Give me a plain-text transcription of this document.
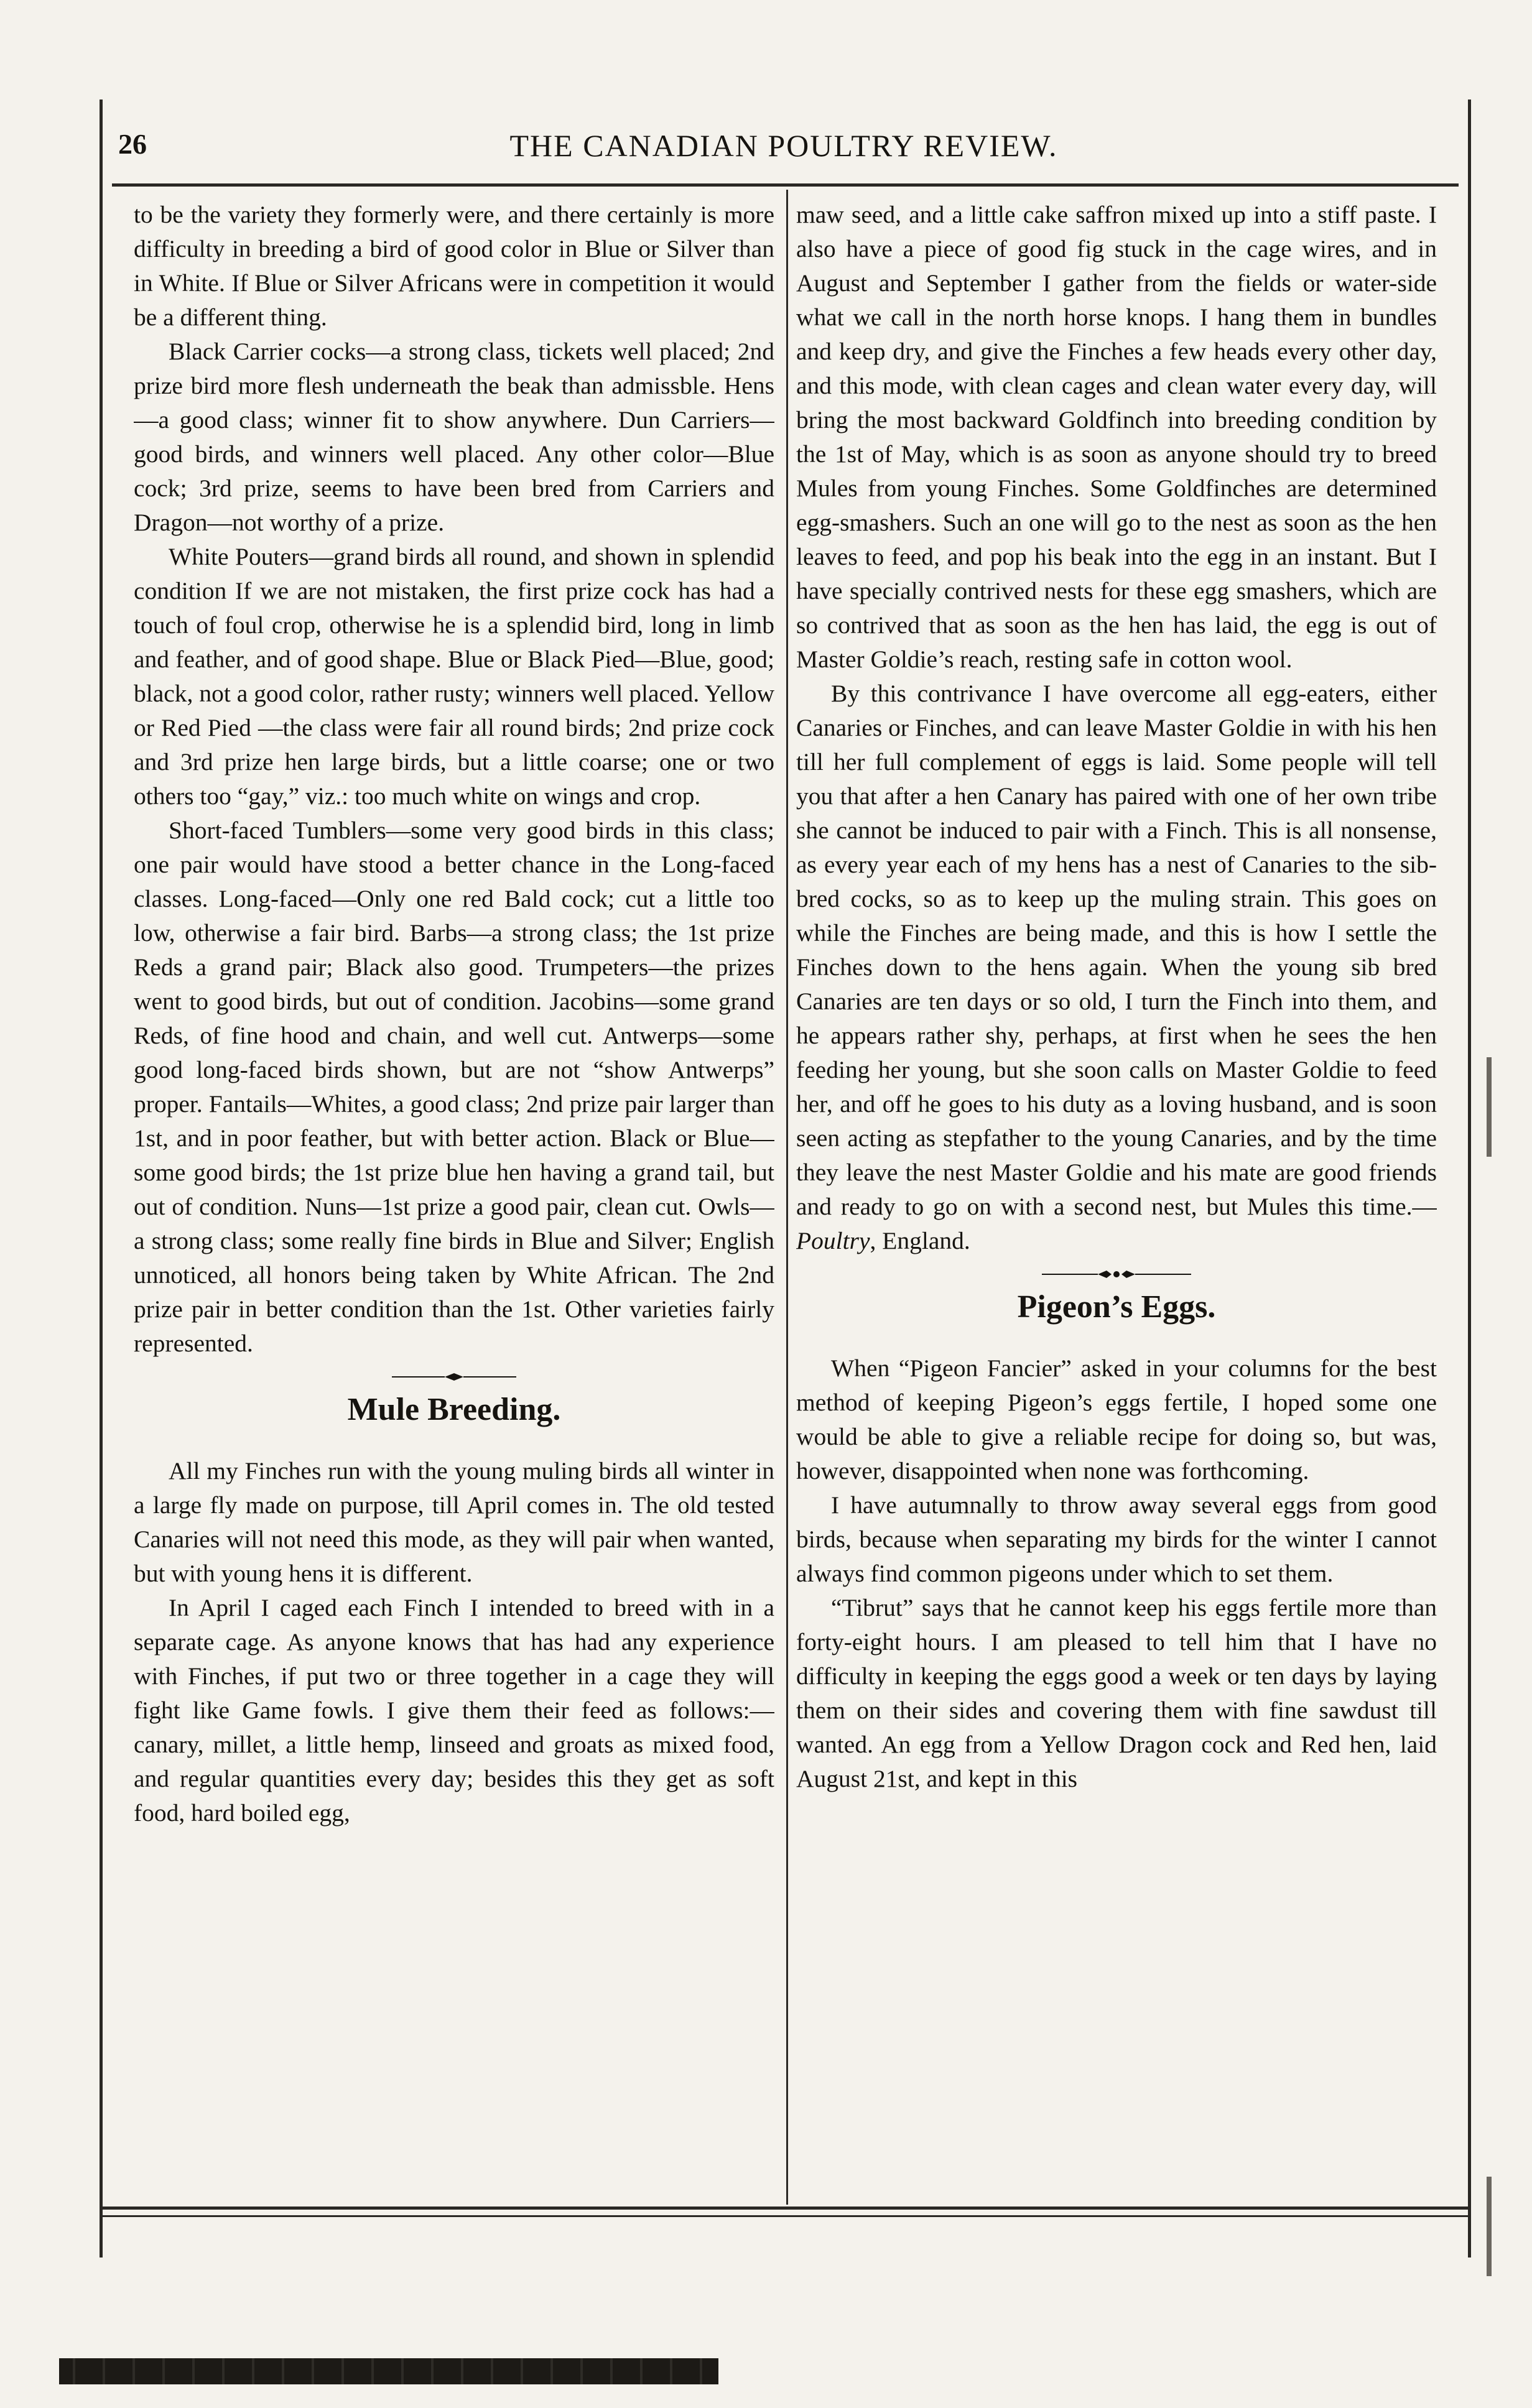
26	THE CANADIAN POULTRY REVIEW.

to be the variety they formerly were, and there certainly is more difficulty in breeding a bird of good color in Blue or Silver than in White. If Blue or Silver Africans were in competition it would be a different thing.

Black Carrier cocks—a strong class, tickets well placed; 2nd prize bird more flesh underneath the beak than admissble. Hens—a good class; winner fit to show anywhere. Dun Carriers—good birds, and winners well placed. Any other color—Blue cock; 3rd prize, seems to have been bred from Carriers and Dragon—not worthy of a prize.

White Pouters—grand birds all round, and shown in splendid condition If we are not mistaken, the first prize cock has had a touch of foul crop, otherwise he is a splendid bird, long in limb and feather, and of good shape. Blue or Black Pied—Blue, good; black, not a good color, rather rusty; winners well placed. Yellow or Red Pied —the class were fair all round birds; 2nd prize cock and 3rd prize hen large birds, but a little coarse; one or two others too “gay,” viz.: too much white on wings and crop.

Short-faced Tumblers—some very good birds in this class; one pair would have stood a better chance in the Long-faced classes. Long-faced—Only one red Bald cock; cut a little too low, otherwise a fair bird. Barbs—a strong class; the 1st prize Reds a grand pair; Black also good. Trumpeters—the prizes went to good birds, but out of condition. Jacobins—some grand Reds, of fine hood and chain, and well cut. Antwerps—some good long-faced birds shown, but are not “show Antwerps” proper. Fantails—Whites, a good class; 2nd prize pair larger than 1st, and in poor feather, but with better action. Black or Blue—some good birds; the 1st prize blue hen having a grand tail, but out of condition. Nuns—1st prize a good pair, clean cut. Owls—a strong class; some really fine birds in Blue and Silver; English unnoticed, all honors being taken by White African. The 2nd prize pair in better condition than the 1st. Other varieties fairly represented.

Mule Breeding.

All my Finches run with the young muling birds all winter in a large fly made on purpose, till April comes in. The old tested Canaries will not need this mode, as they will pair when wanted, but with young hens it is different.

In April I caged each Finch I intended to breed with in a separate cage. As anyone knows that has had any experience with Finches, if put two or three together in a cage they will fight like Game fowls. I give them their feed as follows:—canary, millet, a little hemp, linseed and groats as mixed food, and regular quantities every day; besides this they get as soft food, hard boiled egg,

maw seed, and a little cake saffron mixed up into a stiff paste. I also have a piece of good fig stuck in the cage wires, and in August and September I gather from the fields or water-side what we call in the north horse knops. I hang them in bundles and keep dry, and give the Finches a few heads every other day, and this mode, with clean cages and clean water every day, will bring the most backward Goldfinch into breeding condition by the 1st of May, which is as soon as anyone should try to breed Mules from young Finches. Some Goldfinches are determined egg-smashers. Such an one will go to the nest as soon as the hen leaves to feed, and pop his beak into the egg in an instant. But I have specially contrived nests for these egg smashers, which are so contrived that as soon as the hen has laid, the egg is out of Master Goldie’s reach, resting safe in cotton wool.

By this contrivance I have overcome all egg-eaters, either Canaries or Finches, and can leave Master Goldie in with his hen till her full complement of eggs is laid. Some people will tell you that after a hen Canary has paired with one of her own tribe she cannot be induced to pair with a Finch. This is all nonsense, as every year each of my hens has a nest of Canaries to the sib-bred cocks, so as to keep up the muling strain. This goes on while the Finches are being made, and this is how I settle the Finches down to the hens again. When the young sib bred Canaries are ten days or so old, I turn the Finch into them, and he appears rather shy, perhaps, at first when he sees the hen feeding her young, but she soon calls on Master Goldie to feed her, and off he goes to his duty as a loving husband, and is soon seen acting as stepfather to the young Canaries, and by the time they leave the nest Master Goldie and his mate are good friends and ready to go on with a second nest, but Mules this time.—Poultry, England.

Pigeon’s Eggs.

When “Pigeon Fancier” asked in your columns for the best method of keeping Pigeon’s eggs fertile, I hoped some one would be able to give a reliable recipe for doing so, but was, however, disappointed when none was forthcoming.

I have autumnally to throw away several eggs from good birds, because when separating my birds for the winter I cannot always find common pigeons under which to set them.

“Tibrut” says that he cannot keep his eggs fertile more than forty-eight hours. I am pleased to tell him that I have no difficulty in keeping the eggs good a week or ten days by laying them on their sides and covering them with fine sawdust till wanted. An egg from a Yellow Dragon cock and Red hen, laid August 21st, and kept in this
